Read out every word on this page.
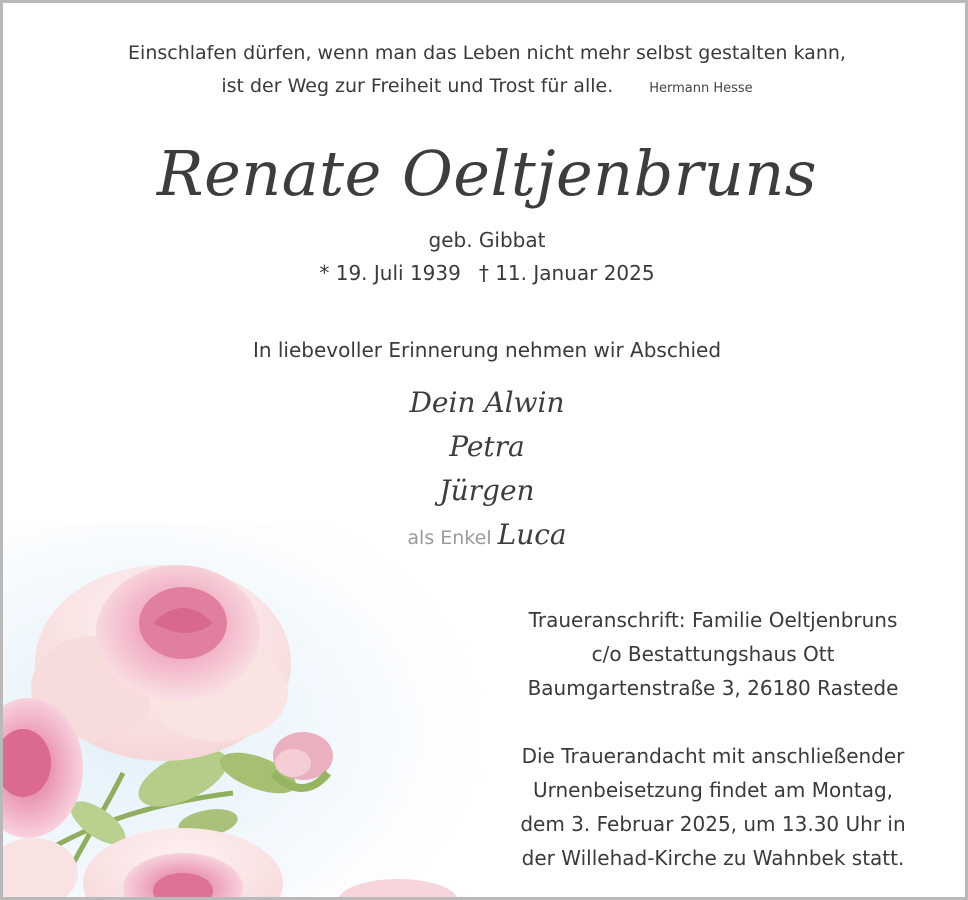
Einschlafen dürfen, wenn man das Leben nicht mehr selbst gestalten kann,
ist der Weg zur Freiheit und Trost für alle.	Hermann Hesse
Renate Oeltjenbruns
geb. Gibbat
* 19. Juli 1939 † 11. Januar 2025
In liebevoller Erinnerung nehmen wir Abschied
Dein Alwin
Petra
Jürgen
als Enkel Luca
Traueranschrift: Familie Oeltjenbruns
c/o Bestattungshaus Ott
Baumgartenstraße 3, 26180 Rastede
Die Trauerandacht mit anschließender
Urnenbeisetzung findet am Montag,
dem 3. Februar 2025, um 13.30 Uhr in
der Willehad-Kirche zu Wahnbek statt.
